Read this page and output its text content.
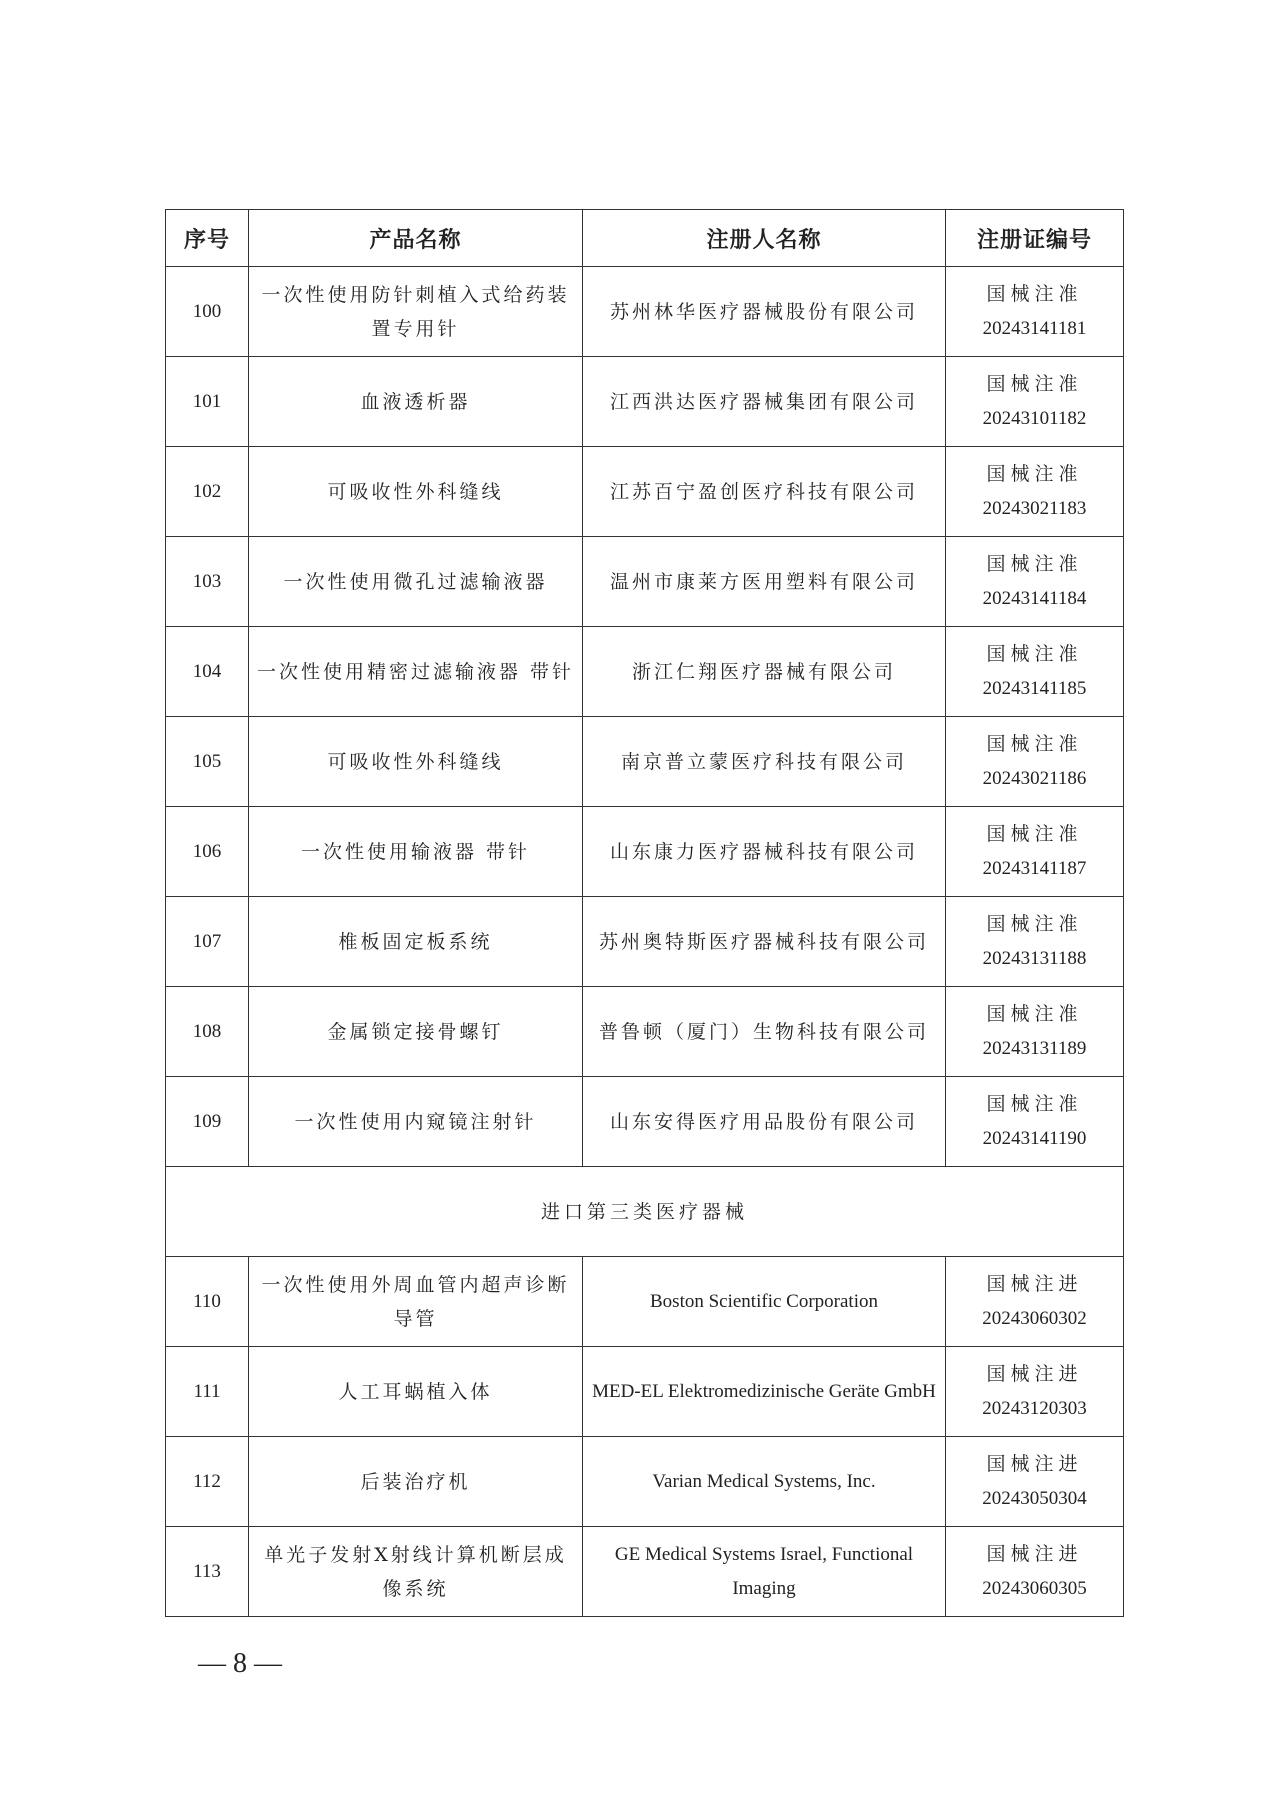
序号	产品名称	注册人名称	注册证编号
100	一次性使用防针刺植入式给药装置专用针	苏州林华医疗器械股份有限公司	国械注准
20243141181

101	血液透析器	江西洪达医疗器械集团有限公司	国械注准
20243101182

102	可吸收性外科缝线	江苏百宁盈创医疗科技有限公司	国械注准
20243021183

103	一次性使用微孔过滤输液器	温州市康莱方医用塑料有限公司	国械注准
20243141184

104	一次性使用精密过滤输液器 带针	浙江仁翔医疗器械有限公司	国械注准
20243141185

105	可吸收性外科缝线	南京普立蒙医疗科技有限公司	国械注准
20243021186

106	一次性使用输液器 带针	山东康力医疗器械科技有限公司	国械注准
20243141187

107	椎板固定板系统	苏州奥特斯医疗器械科技有限公司	国械注准
20243131188

108	金属锁定接骨螺钉	普鲁顿（厦门）生物科技有限公司	国械注准
20243131189

109	一次性使用内窥镜注射针	山东安得医疗用品股份有限公司	国械注准
20243141190

进口第三类医疗器械			
110	一次性使用外周血管内超声诊断导管	Boston Scientific Corporation	国械注进
20243060302

111	人工耳蜗植入体	MED-EL Elektromedizinische Geräte GmbH	国械注进
20243120303

112	后装治疗机	Varian Medical Systems, Inc.	国械注进
20243050304

113	单光子发射X射线计算机断层成像系统	GE Medical Systems Israel, Functional Imaging	国械注进
20243060305
— 8 —
